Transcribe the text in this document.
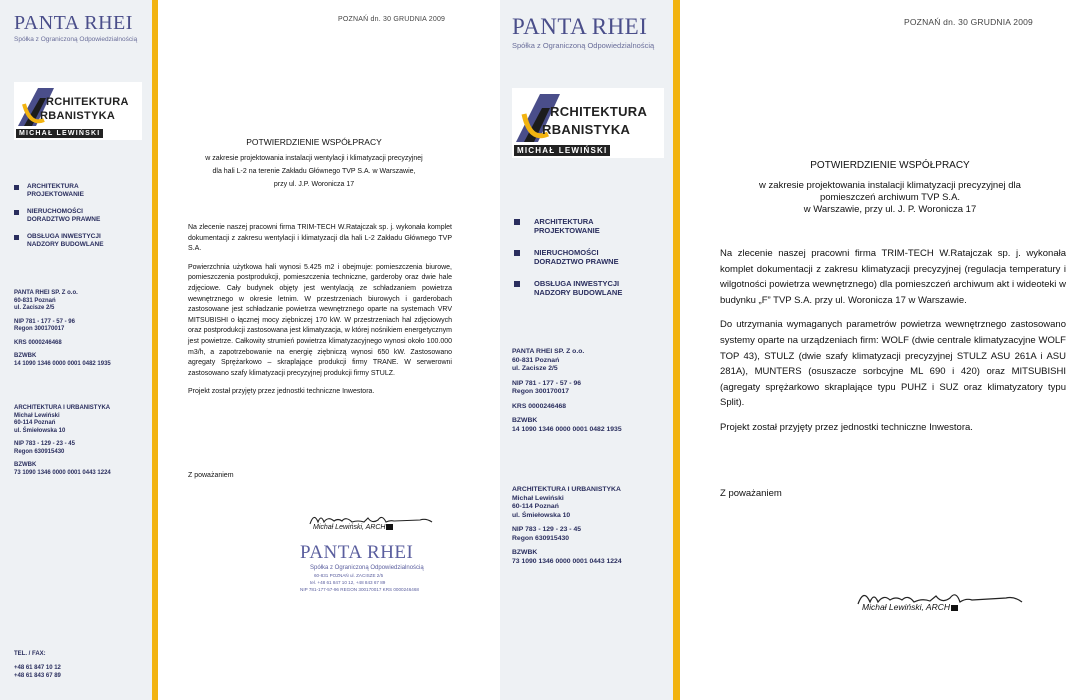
PANTA RHEI
Spółka z Ograniczoną Odpowiedzialnością
RCHITEKTURA
RBANISTYKA
MICHAŁ LEWIŃSKI
ARCHITEKTURA PROJEKTOWANIE
NIERUCHOMOŚCI DORADZTWO PRAWNE
OBSŁUGA INWESTYCJI NADZORY BUDOWLANE
PANTA RHEI SP. Z o.o.
60-831 Poznań
ul. Zacisze 2/5
NIP 781 - 177 - 57 - 96
Regon 300170017
KRS 0000246468
BZWBK
14 1090 1346 0000 0001 0482 1935
ARCHITEKTURA I URBANISTYKA
Michał Lewiński
60-114 Poznań
ul. Śmiełowska 10
NIP 783 - 129 - 23 - 45
Regon 630915430
BZWBK
73 1090 1346 0000 0001 0443 1224
TEL. / FAX:
+48 61 847 10 12
+48 61 843 67 89
POZNAŃ dn. 30 GRUDNIA 2009
POTWIERDZIENIE WSPÓŁPRACY
w zakresie projektowania instalacji wentylacji i klimatyzacji precyzyjnej
dla hali L-2 na terenie Zakładu Głównego TVP S.A. w Warszawie,
przy ul. J.P. Woronicza 17

Na zlecenie naszej pracowni firma TRIM-TECH W.Ratajczak sp. j. wykonała komplet dokumentacji z zakresu wentylacji i klimatyzacji dla hali L-2 Zakładu Głównego TVP S.A.

Powierzchnia użytkowa hali wynosi 5.425 m2 i obejmuje: pomieszczenia biurowe, pomieszczenia postprodukcji, pomieszczenia techniczne, garderoby oraz dwie hale zdjęciowe. Cały budynek objęty jest wentylacją ze schładzaniem powietrza wewnętrznego w okresie letnim. W przestrzeniach biurowych i garderobach zastosowane jest schładzanie powietrza wewnętrznego oparte na systemach VRV MITSUBISHI o łącznej mocy ziębniczej 170 kW. W przestrzeniach hal zdjęciowych oraz postprodukcji zastosowana jest klimatyzacja, w której nośnikiem energetycznym jest powietrze. Całkowity strumień powietrza klimatyzacyjnego wynosi około 100.000 m3/h, a zapotrzebowanie na energię ziębniczą wynosi 650 kW. Zastosowano agregaty Sprężarkowo – skraplające produkcji firmy TRANE. W serwerowni zastosowano szafy klimatyzacji precyzyjnej produkcji firmy STULZ.

Projekt został przyjęty przez jednostki techniczne Inwestora.

Z poważaniem
Michał Lewiński, ARCH
PANTA RHEI
Spółka z Ograniczoną Odpowiedzialnością
60-831 POZNAŃ ul. ZACISZE 2/5
tel. +48 61 847 10 12, +48 843 67 89
NIP 781-177-57-96 REGON 300170017 KRS 0000246468
PANTA RHEI
Spółka z Ograniczoną Odpowiedzialnością
RCHITEKTURA
RBANISTYKA
MICHAŁ LEWIŃSKI
ARCHITEKTURA PROJEKTOWANIE
NIERUCHOMOŚCI DORADZTWO PRAWNE
OBSŁUGA INWESTYCJI NADZORY BUDOWLANE
PANTA RHEI SP. Z o.o.
60-831 Poznań
ul. Zacisze 2/5
NIP 781 - 177 - 57 - 96
Regon 300170017
KRS 0000246468
BZWBK
14 1090 1346 0000 0001 0482 1935
ARCHITEKTURA I URBANISTYKA
Michał Lewiński
60-114 Poznań
ul. Śmiełowska 10
NIP 783 - 129 - 23 - 45
Regon 630915430
BZWBK
73 1090 1346 0000 0001 0443 1224
POZNAŃ dn. 30 GRUDNIA 2009
POTWIERDZIENIE WSPÓŁPRACY
w zakresie projektowania instalacji klimatyzacji precyzyjnej dla
pomieszczeń archiwum TVP S.A.
w Warszawie, przy ul. J. P. Woronicza 17

Na zlecenie naszej pracowni firma TRIM-TECH W.Ratajczak sp. j. wykonała komplet dokumentacji z zakresu klimatyzacji precyzyjnej (regulacja temperatury i wilgotności powietrza wewnętrznego) dla pomieszczeń archiwum akt i wideoteki w budynku „F” TVP S.A. przy ul. Woronicza 17 w Warszawie.

Do utrzymania wymaganych parametrów powietrza wewnętrznego zastosowano systemy oparte na urządzeniach firm: WOLF (dwie centrale klimatyzacyjne WOLF TOP 43), STULZ (dwie szafy klimatyzacji precyzyjnej STULZ ASU 261A i ASU 281A), MUNTERS (osuszacze sorbcyjne ML 690 i 420) oraz MITSUBISHI (agregaty sprężarkowo skraplające typu PUHZ i SUZ oraz klimatyzatory typu Split).

Projekt został przyjęty przez jednostki techniczne Inwestora.

Z poważaniem
Michał Lewiński, ARCH
